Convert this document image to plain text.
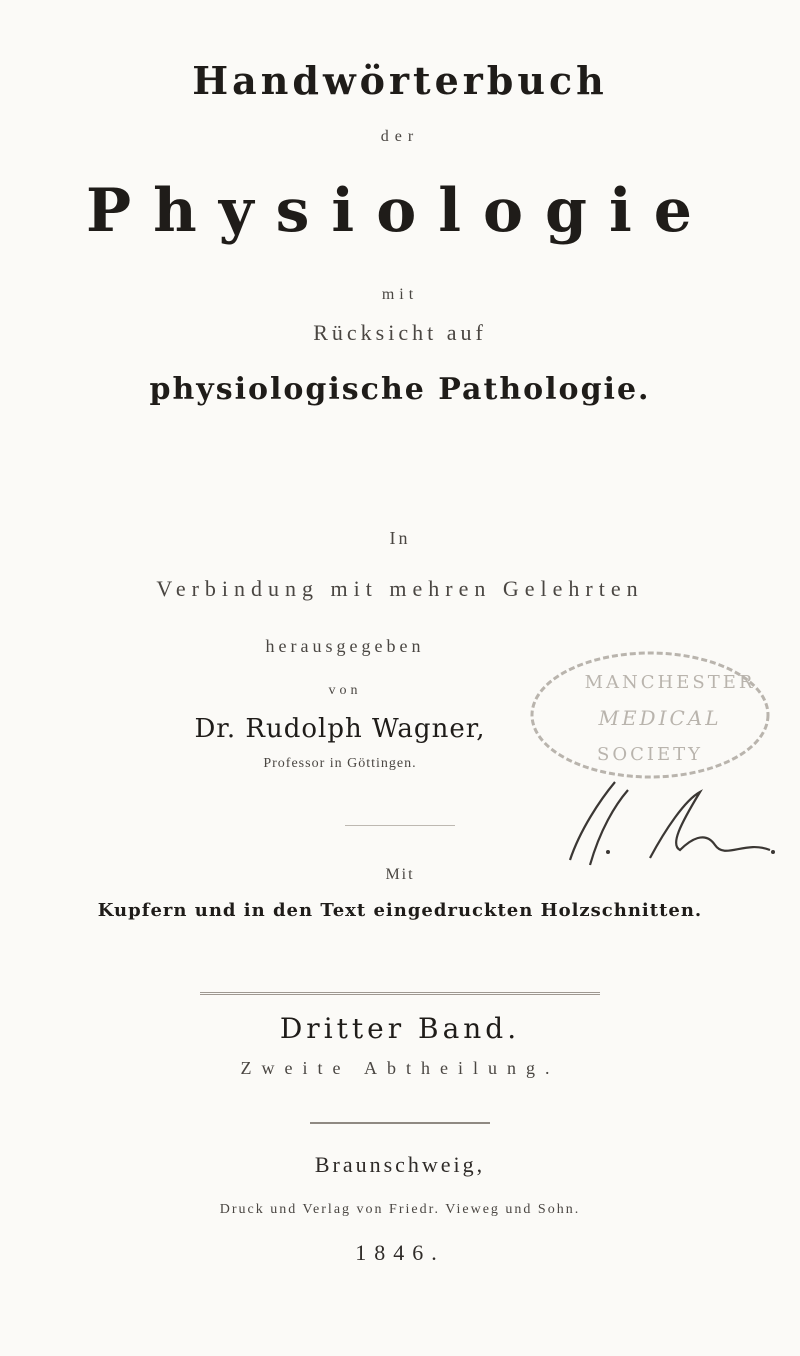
Handwörterbuch
der
Physiologie
mit
Rücksicht auf
physiologische Pathologie.
In
Verbindung mit mehren Gelehrten
herausgegeben
von
Dr. Rudolph Wagner,
Professor in Göttingen.
Mit
Kupfern und in den Text eingedruckten Holzschnitten.
Dritter Band.
Zweite Abtheilung.
Braunschweig,
Druck und Verlag von Friedr. Vieweg und Sohn.
1846.
MANCHESTER
MEDICAL
SOCIETY
